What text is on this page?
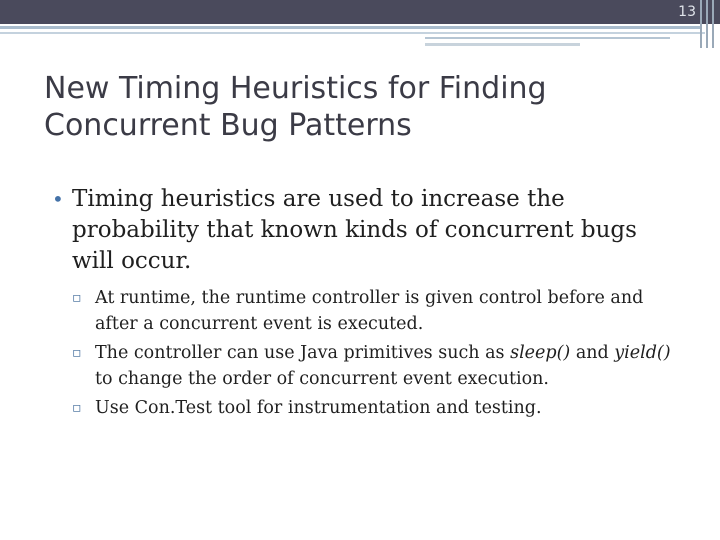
13
New Timing Heuristics for Finding Concurrent Bug Patterns
• Timing heuristics are used to increase the probability that known kinds of concurrent bugs will occur.
▫ At runtime, the runtime controller is given control before and after a concurrent event is executed.
▫ The controller can use Java primitives such as sleep() and yield() to change the order of concurrent event execution.
▫ Use Con.Test tool for instrumentation and testing.
